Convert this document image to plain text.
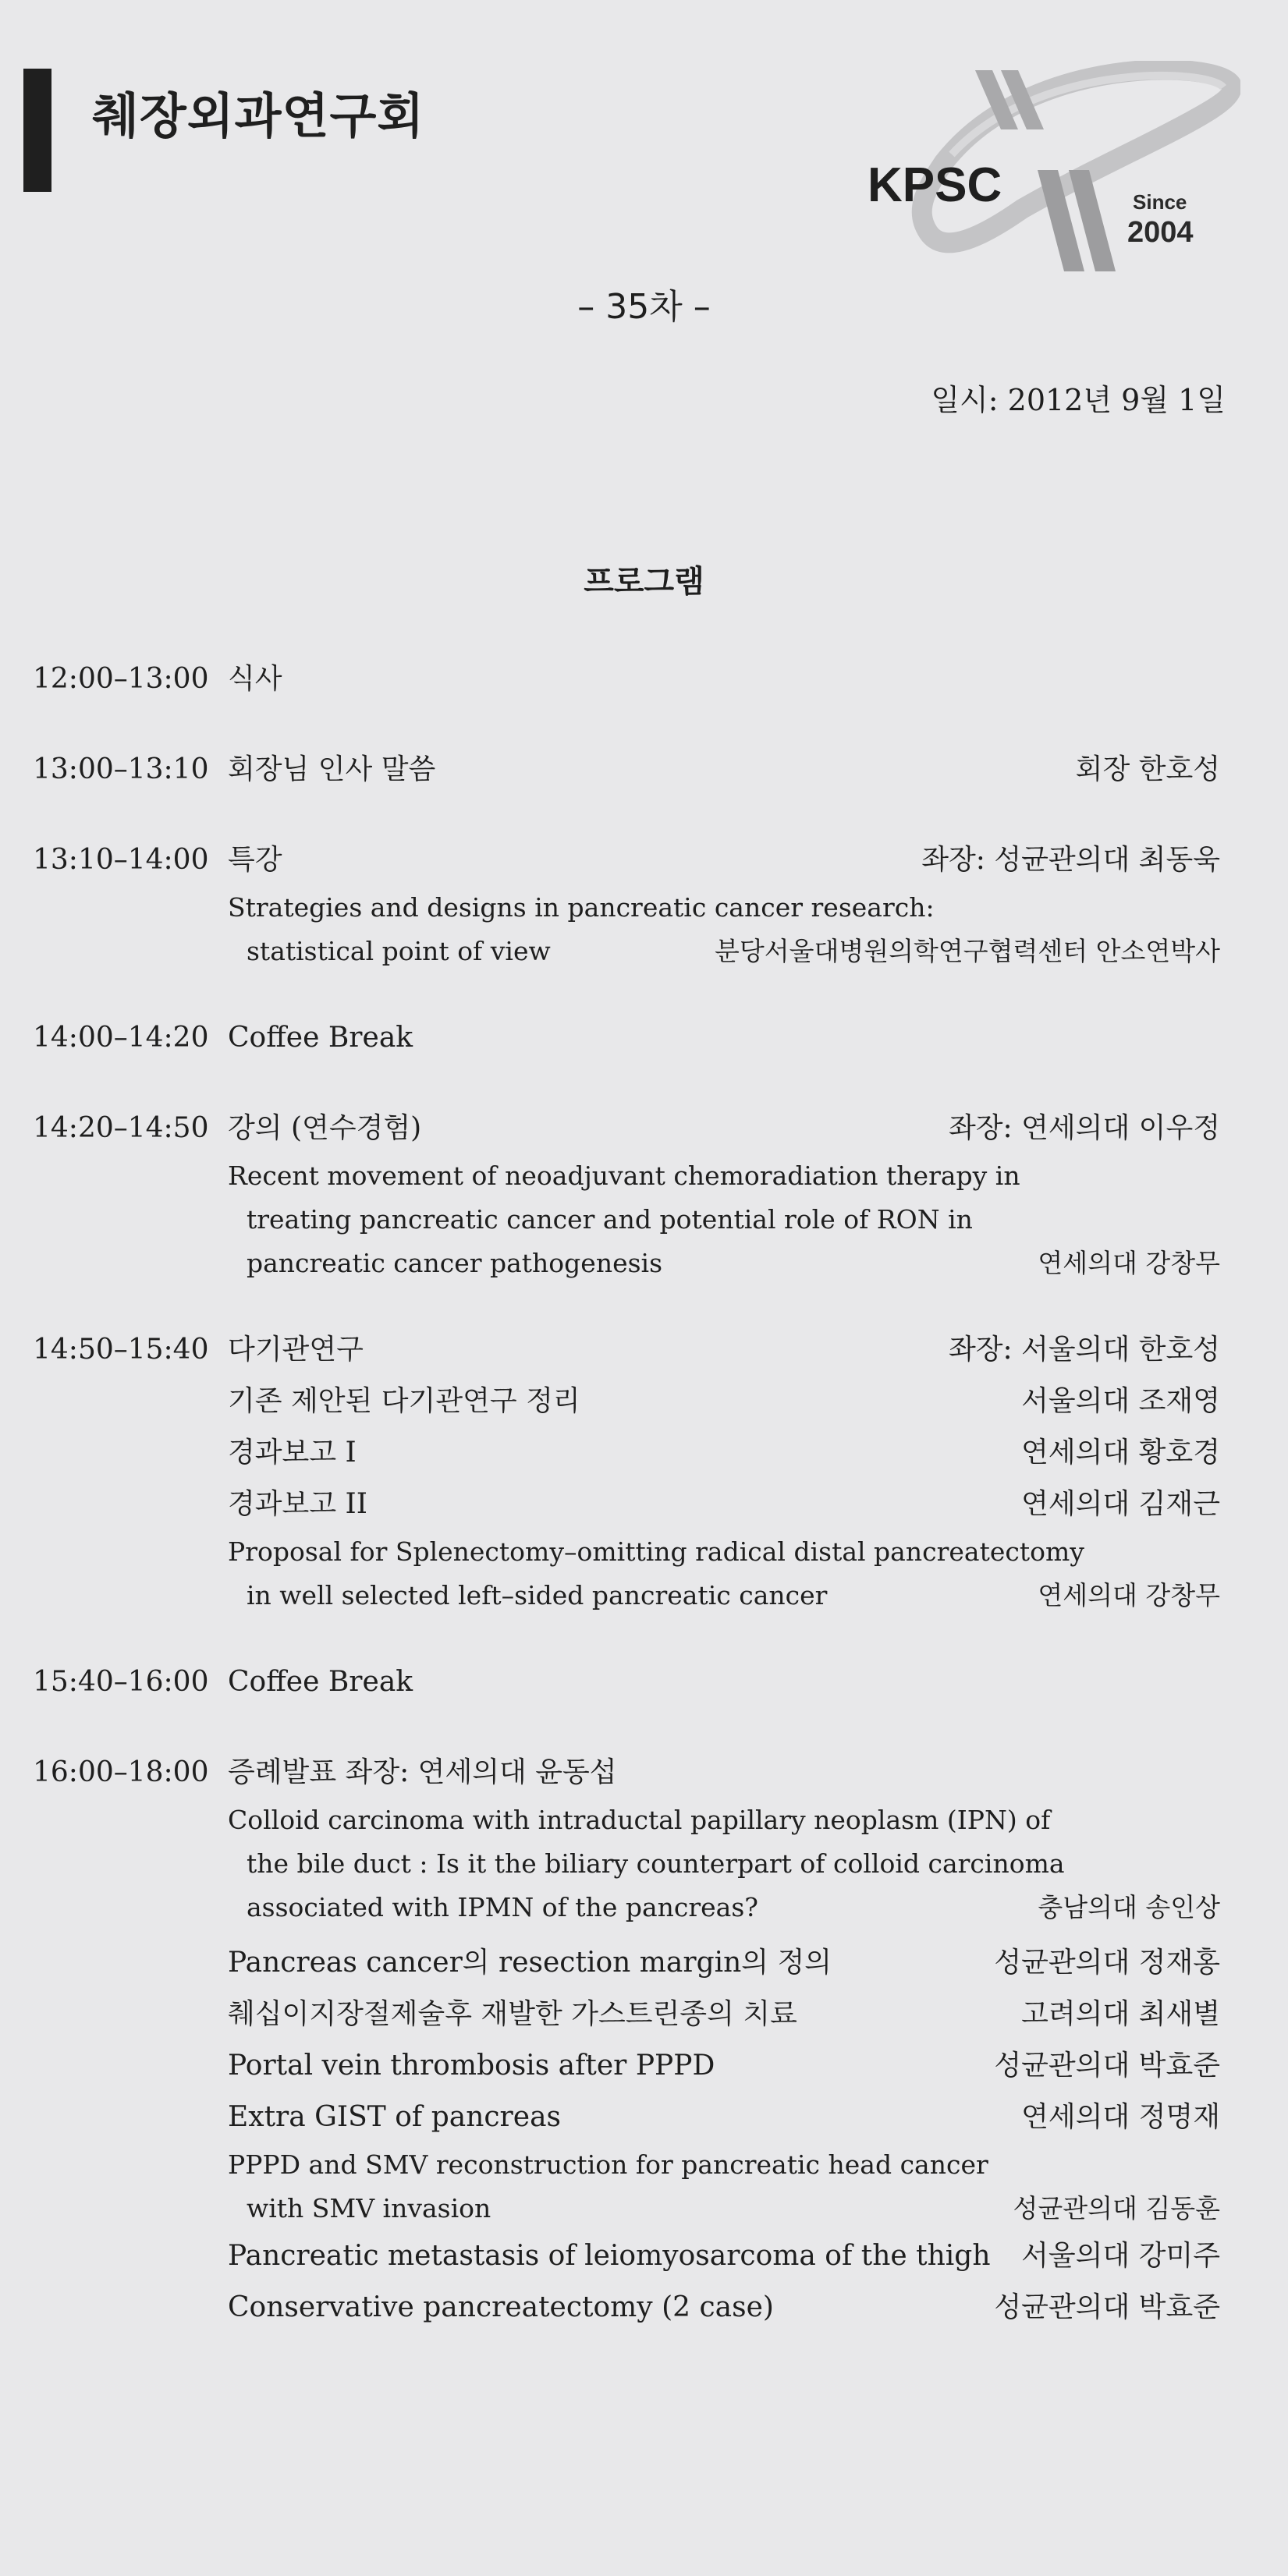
췌장외과연구회
KPSC	Since
2004
– 35차 –
일시: 2012년 9월 1일
프로그램
12:00–13:00 식사
13:00–13:10 회장님 인사 말씀	회장 한호성
13:10–14:00 특강	좌장: 성균관의대 최동욱
Strategies and designs in pancreatic cancer research:
statistical point of view	분당서울대병원의학연구협력센터 안소연박사
14:00–14:20 Coffee Break
14:20–14:50 강의 (연수경험)	좌장: 연세의대 이우정
Recent movement of neoadjuvant chemoradiation therapy in
treating pancreatic cancer and potential role of RON in
pancreatic cancer pathogenesis	연세의대 강창무
14:50–15:40 다기관연구	좌장: 서울의대 한호성
기존 제안된 다기관연구 정리	서울의대 조재영
경과보고 I	연세의대 황호경
경과보고 II	연세의대 김재근
Proposal for Splenectomy–omitting radical distal pancreatectomy
in well selected left–sided pancreatic cancer	연세의대 강창무
15:40–16:00 Coffee Break
16:00–18:00 증례발표 좌장: 연세의대 윤동섭
Colloid carcinoma with intraductal papillary neoplasm (IPN) of
the bile duct : Is it the biliary counterpart of colloid carcinoma
associated with IPMN of the pancreas?	충남의대 송인상
Pancreas cancer의 resection margin의 정의	성균관의대 정재홍
췌십이지장절제술후 재발한 가스트린종의 치료	고려의대 최새별
Portal vein thrombosis after PPPD	성균관의대 박효준
Extra GIST of pancreas	연세의대 정명재
PPPD and SMV reconstruction for pancreatic head cancer
with SMV invasion	성균관의대 김동훈
Pancreatic metastasis of leiomyosarcoma of the thigh 서울의대 강미주
Conservative pancreatectomy (2 case)	성균관의대 박효준
